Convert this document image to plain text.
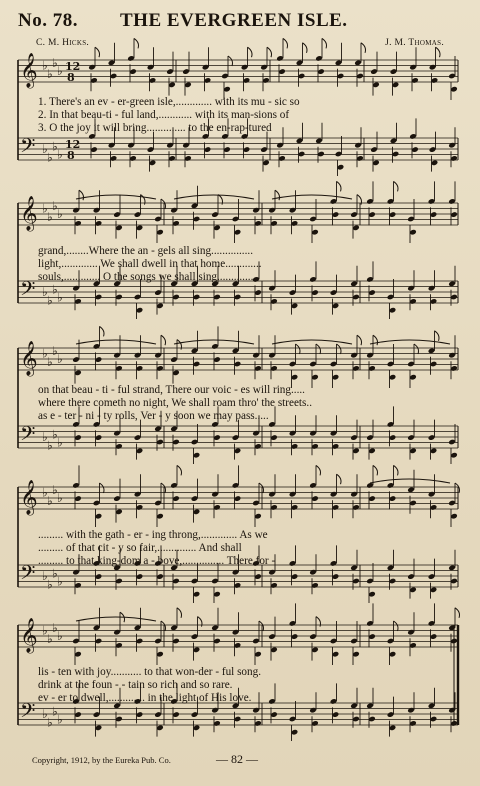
No. 78. THE EVERGREEN ISLE.
C. M. Hicks.	J. M. Thomas.
𝄞
𝄢
♭
♭
♭
♭
♭
♭
♭
♭
12
8
12
8
1. There's an ev - er-green isle,............. with its mu - sic so
2. In that beau-ti - ful land,............ with its man-sions of
3. O the joy it will bring.............. to the en-rap-tured
𝄞
𝄢
♭
♭
♭
♭
♭
♭
♭
♭
grand,........Where the an - gels all sing...............
light,............. We shall dwell in that home.............
souls,............. O the songs we shall sing...............
𝄞
𝄢
♭
♭
♭
♭
♭
♭
♭
♭
on that beau - ti - ful strand, There our voic - es will ring.....
where there cometh no night, We shall roam thro' the streets..
as e - ter - ni - ty rolls, Ver - y soon we may pass.....
𝄞
𝄢
♭
♭
♭
♭
♭
♭
♭
♭
......... with the gath - er - ing throng,............. As we
......... of that cit - y so fair,.............. And shall
......... to that king-dom a - bove,............... There for -
𝄞
𝄢
♭
♭
♭
♭
♭
♭
♭
♭
lis - ten with joy........... to that won-der - ful song.
drink at the foun - - tain so rich and so rare.
ev - er to dwell,............. in the light of His love.
Copyright, 1912, by the Eureka Pub. Co.	— 82 —
